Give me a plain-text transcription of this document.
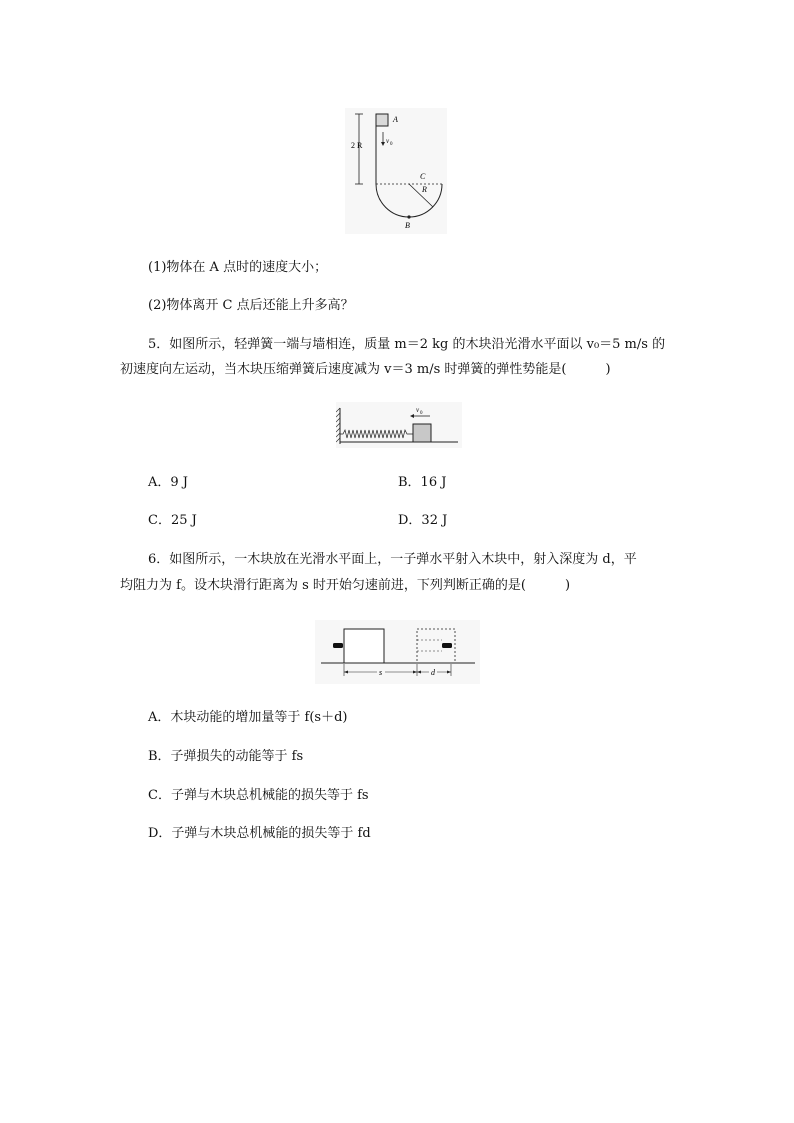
A
2 R	v 0
R
C
B
(1)物体在 A 点时的速度大小；
(2)物体离开 C 点后还能上升多高？
5．如图所示，轻弹簧一端与墙相连，质量 m＝2 kg 的木块沿光滑水平面以 v₀＝5 m/s 的
初速度向左运动，当木块压缩弹簧后速度减为 v＝3 m/s 时弹簧的弹性势能是(　　　)
v 0
A．9 J	B．16 J
C．25 J	D．32 J
6．如图所示，一木块放在光滑水平面上，一子弹水平射入木块中，射入深度为 d，平
均阻力为 f。设木块滑行距离为 s 时开始匀速前进，下列判断正确的是(　　　)
s	d
A．木块动能的增加量等于 f(s＋d)
B．子弹损失的动能等于 fs
C．子弹与木块总机械能的损失等于 fs
D．子弹与木块总机械能的损失等于 fd
